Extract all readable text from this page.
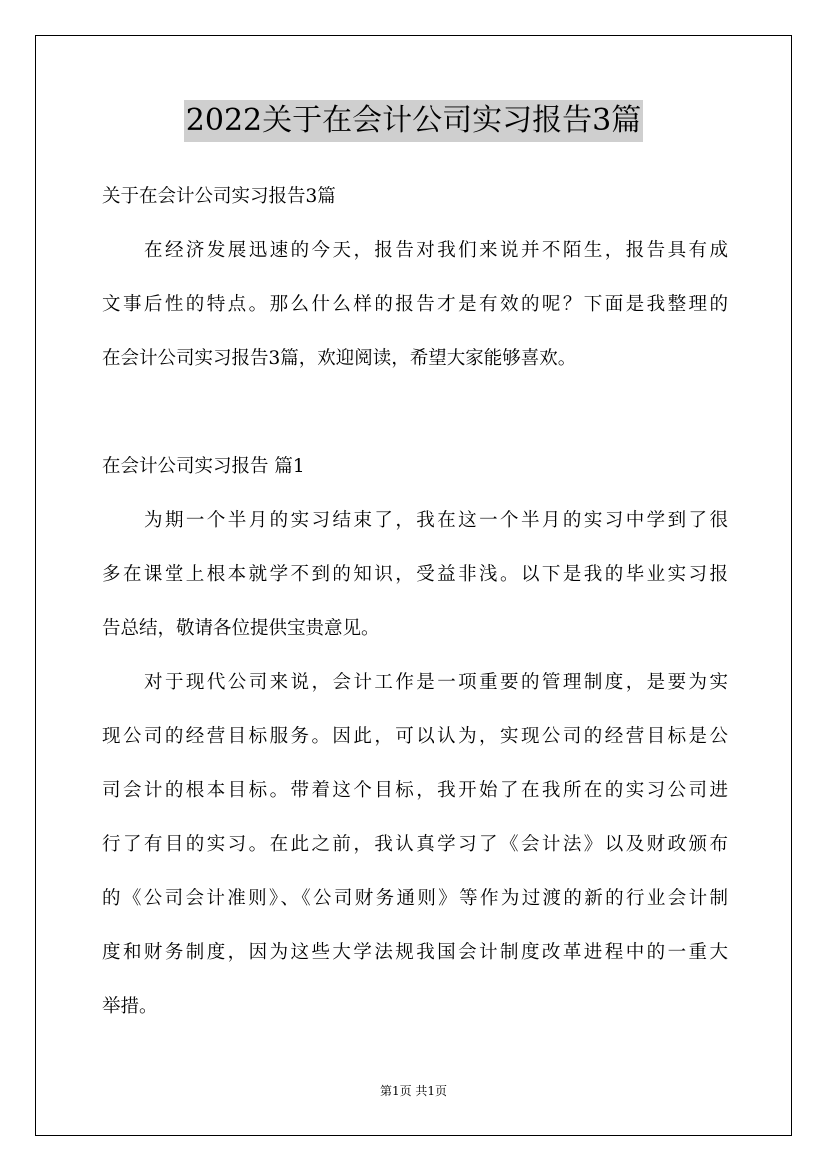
2022关于在会计公司实习报告3篇
关于在会计公司实习报告3篇
在经济发展迅速的今天，报告对我们来说并不陌生，报告具有成
文事后性的特点。那么什么样的报告才是有效的呢？下面是我整理的
在会计公司实习报告3篇，欢迎阅读，希望大家能够喜欢。
在会计公司实习报告 篇1
为期一个半月的实习结束了，我在这一个半月的实习中学到了很
多在课堂上根本就学不到的知识，受益非浅。以下是我的毕业实习报
告总结，敬请各位提供宝贵意见。
对于现代公司来说，会计工作是一项重要的管理制度，是要为实
现公司的经营目标服务。因此，可以认为，实现公司的经营目标是公
司会计的根本目标。带着这个目标，我开始了在我所在的实习公司进
行了有目的实习。在此之前，我认真学习了《会计法》以及财政颁布
的《公司会计准则》、《公司财务通则》等作为过渡的新的行业会计制
度和财务制度，因为这些大学法规我国会计制度改革进程中的一重大
举措。
第1页 共1页
